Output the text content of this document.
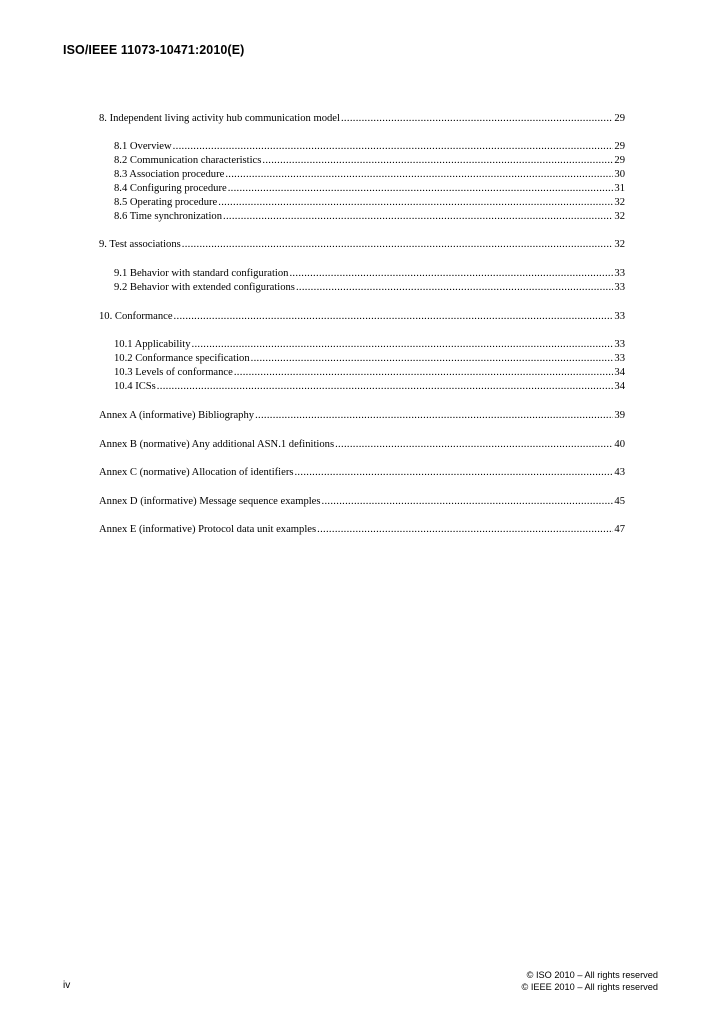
ISO/IEEE 11073-10471:2010(E)
8. Independent living activity hub communication model .....	29
8.1 Overview .....	29
8.2 Communication characteristics .....	29
8.3 Association procedure .....	30
8.4 Configuring procedure .....	31
8.5 Operating procedure .....	32
8.6 Time synchronization .....	32
9. Test associations .....	32
9.1 Behavior with standard configuration .....	33
9.2 Behavior with extended configurations .....	33
10. Conformance .....	33
10.1 Applicability .....	33
10.2 Conformance specification .....	33
10.3 Levels of conformance .....	34
10.4 ICSs .....	34
Annex A (informative) Bibliography .....	39
Annex B (normative) Any additional ASN.1 definitions .....	40
Annex C (normative) Allocation of identifiers .....	43
Annex D (informative) Message sequence examples .....	45
Annex E (informative) Protocol data unit examples .....	47
iv
© ISO 2010 – All rights reserved
© IEEE 2010 – All rights reserved
